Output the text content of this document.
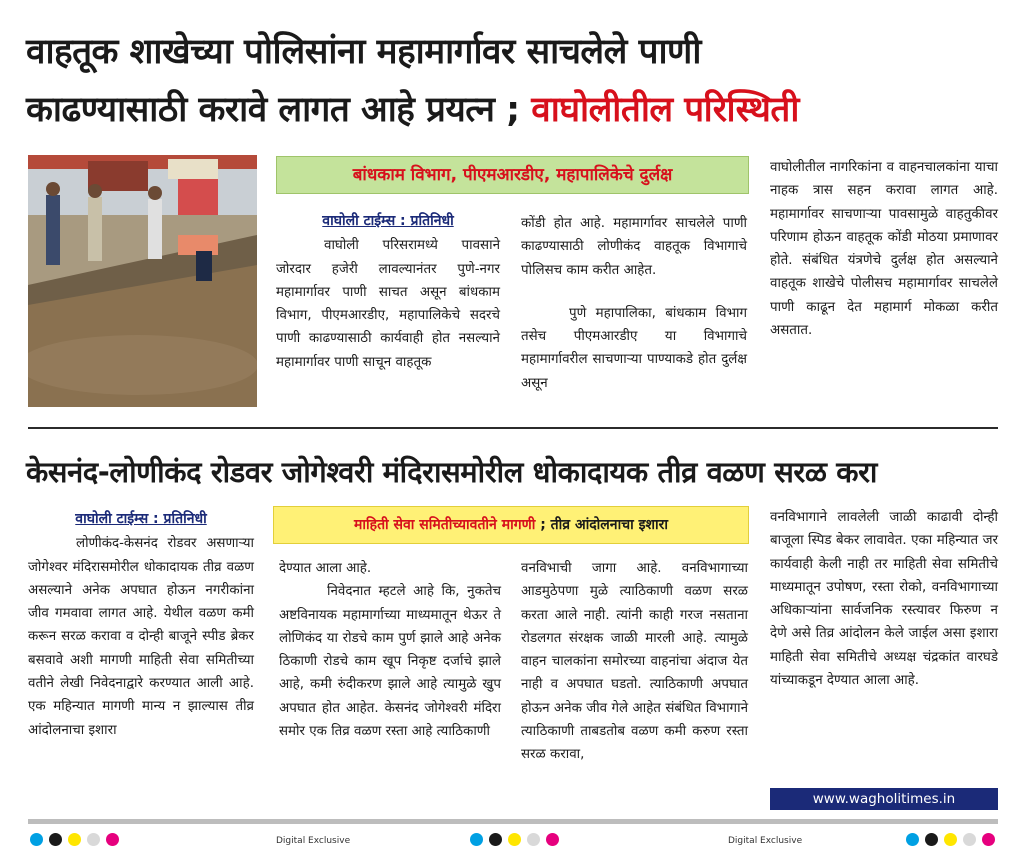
वाहतूक शाखेच्या पोलिसांना महामार्गावर साचलेले पाणी
काढण्यासाठी करावे लागत आहे प्रयत्न ; वाघोलीतील परिस्थिती
बांधकाम विभाग, पीएमआरडीए, महापालिकेचे दुर्लक्ष
वाघोली टाईम्स : प्रतिनिधी

वाघोली परिसरामध्ये पावसाने जोरदार हजेरी लावल्यानंतर पुणे-नगर महामार्गावर पाणी साचत असून बांधकाम विभाग, पीएमआरडीए, महापालिकेचे सदरचे पाणी काढण्यासाठी कार्यवाही होत नसल्याने महामार्गावर पाणी साचून वाहतूक

कोंडी होत आहे. महामार्गावर साचलेले पाणी काढण्यासाठी लोणीकंद वाहतूक विभागाचे पोलिसच काम करीत आहेत.

पुणे महापालिका, बांधकाम विभाग तसेच पीएमआरडीए या विभागाचे महामार्गावरील साचणाऱ्या पाण्याकडे होत दुर्लक्ष असून

वाघोलीतील नागरिकांना व वाहनचालकांना याचा नाहक त्रास सहन करावा लागत आहे. महामार्गावर साचणाऱ्या पावसामुळे वाहतुकीवर परिणाम होऊन वाहतूक कोंडी मोठया प्रमाणावर होते. संबंधित यंत्रणेचे दुर्लक्ष होत असल्याने वाहतूक शाखेचे पोलीसच महामार्गावर साचलेले पाणी काढून देत महामार्ग मोकळा करीत असतात.

केसनंद-लोणीकंद रोडवर जोगेश्वरी मंदिरासमोरील धोकादायक तीव्र वळण सरळ करा
माहिती सेवा समितीच्यावतीने मागणी ; तीव्र आंदोलनाचा इशारा
वाघोली टाईम्स : प्रतिनिधी

लोणीकंद-केसनंद रोडवर असणाऱ्या जोगेश्वर मंदिरासमोरील धोकादायक तीव्र वळण असल्याने अनेक अपघात होऊन नगरीकांना जीव गमवावा लागत आहे. येथील वळण कमी करून सरळ करावा व दोन्ही बाजूने स्पीड ब्रेकर बसवावे अशी मागणी माहिती सेवा समितीच्या वतीने लेखी निवेदनाद्वारे करण्यात आली आहे. एक महिन्यात मागणी मान्य न झाल्यास तीव्र आंदोलनाचा इशारा

देण्यात आला आहे.

निवेदनात म्हटले आहे कि, नुकतेच अष्टविनायक महामार्गाच्या माध्यमातून थेऊर ते लोणिकंद या रोडचे काम पुर्ण झाले आहे अनेक ठिकाणी रोडचे काम खूप निकृष्ट दर्जाचे झाले आहे, कमी रुंदीकरण झाले आहे त्यामुळे खुप अपघात होत आहेत. केसनंद जोगेश्वरी मंदिरा समोर एक तिव्र वळण रस्ता आहे त्याठिकाणी

वनविभाची जागा आहे. वनविभागाच्या आडमुठेपणा मुळे त्याठिकाणी वळण सरळ करता आले नाही. त्यांनी काही गरज नसताना रोडलगत संरक्षक जाळी मारली आहे. त्यामुळे वाहन चालकांना समोरच्या वाहनांचा अंदाज येत नाही व अपघात घडतो. त्याठिकाणी अपघात होऊन अनेक जीव गेले आहेत संबंधित विभागाने त्याठिकाणी ताबडतोब वळण कमी करुण रस्ता सरळ करावा,

वनविभागाने लावलेली जाळी काढावी दोन्ही बाजूला स्पिड बेकर लावावेत. एका महिन्यात जर कार्यवाही केली नाही तर माहिती सेवा समितीचे माध्यमातून उपोषण, रस्ता रोको, वनविभागाच्या अधिकाऱ्यांना सार्वजनिक रस्त्यावर फिरुण न देणे असे तिव्र आंदोलन केले जाईल असा इशारा माहिती सेवा समितीचे अध्यक्ष चंद्रकांत वारघडे यांच्याकडून देण्यात आला आहे.

www.wagholitimes.in
Digital Exclusive	Digital Exclusive
